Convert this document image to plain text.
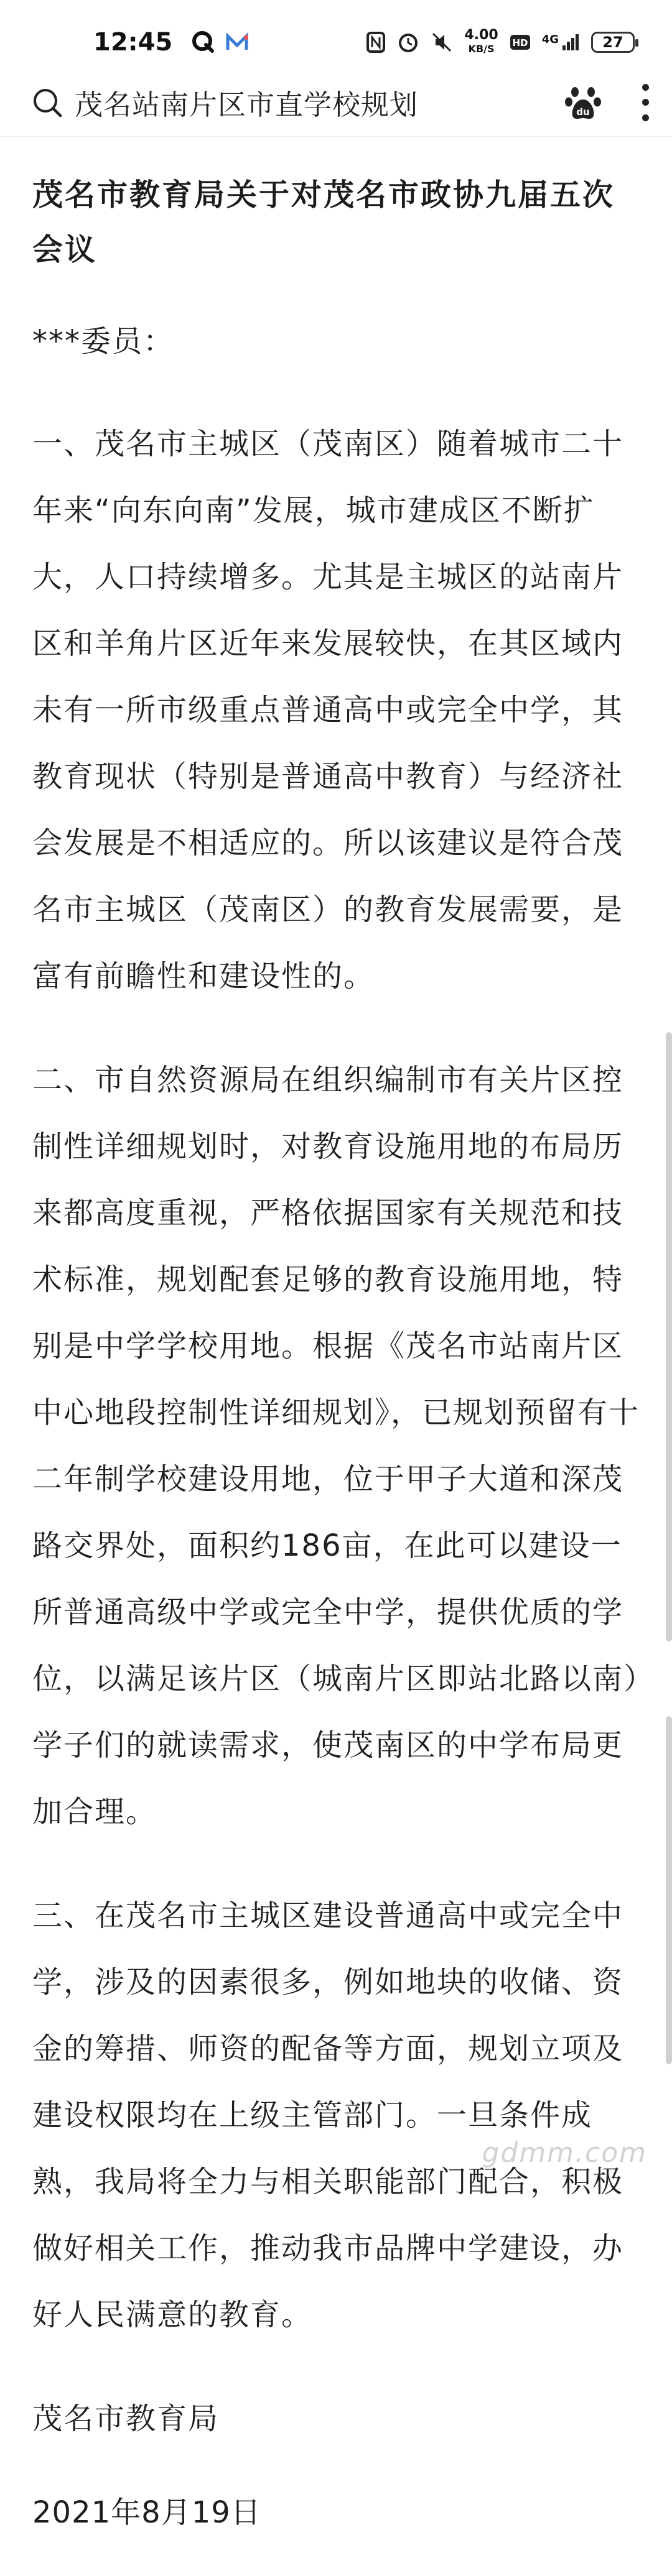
12:45	4.00
KB/S	HD 4G	27
茂名站南片区市直学校规划	du
茂名市教育局关于对茂名市政协九届五次会议

***委员：

一、茂名市主城区（茂南区）随着城市二十年来“向东向南”发展，城市建成区不断扩大，人口持续增多。尤其是主城区的站南片区和羊角片区近年来发展较快，在其区域内未有一所市级重点普通高中或完全中学，其教育现状（特别是普通高中教育）与经济社会发展是不相适应的。所以该建议是符合茂名市主城区（茂南区）的教育发展需要，是富有前瞻性和建设性的。

二、市自然资源局在组织编制市有关片区控制性详细规划时，对教育设施用地的布局历来都高度重视，严格依据国家有关规范和技术标准，规划配套足够的教育设施用地，特别是中学学校用地。根据《茂名市站南片区中心地段控制性详细规划》，已规划预留有十二年制学校建设用地，位于甲子大道和深茂路交界处，面积约186亩，在此可以建设一所普通高级中学或完全中学，提供优质的学位，以满足该片区（城南片区即站北路以南）学子们的就读需求，使茂南区的中学布局更加合理。

三、在茂名市主城区建设普通高中或完全中学，涉及的因素很多，例如地块的收储、资金的筹措、师资的配备等方面，规划立项及建设权限均在上级主管部门。一旦条件成熟，我局将全力与相关职能部门配合，积极做好相关工作，推动我市品牌中学建设，办好人民满意的教育。

茂名市教育局

2021年8月19日

gdmm.com
